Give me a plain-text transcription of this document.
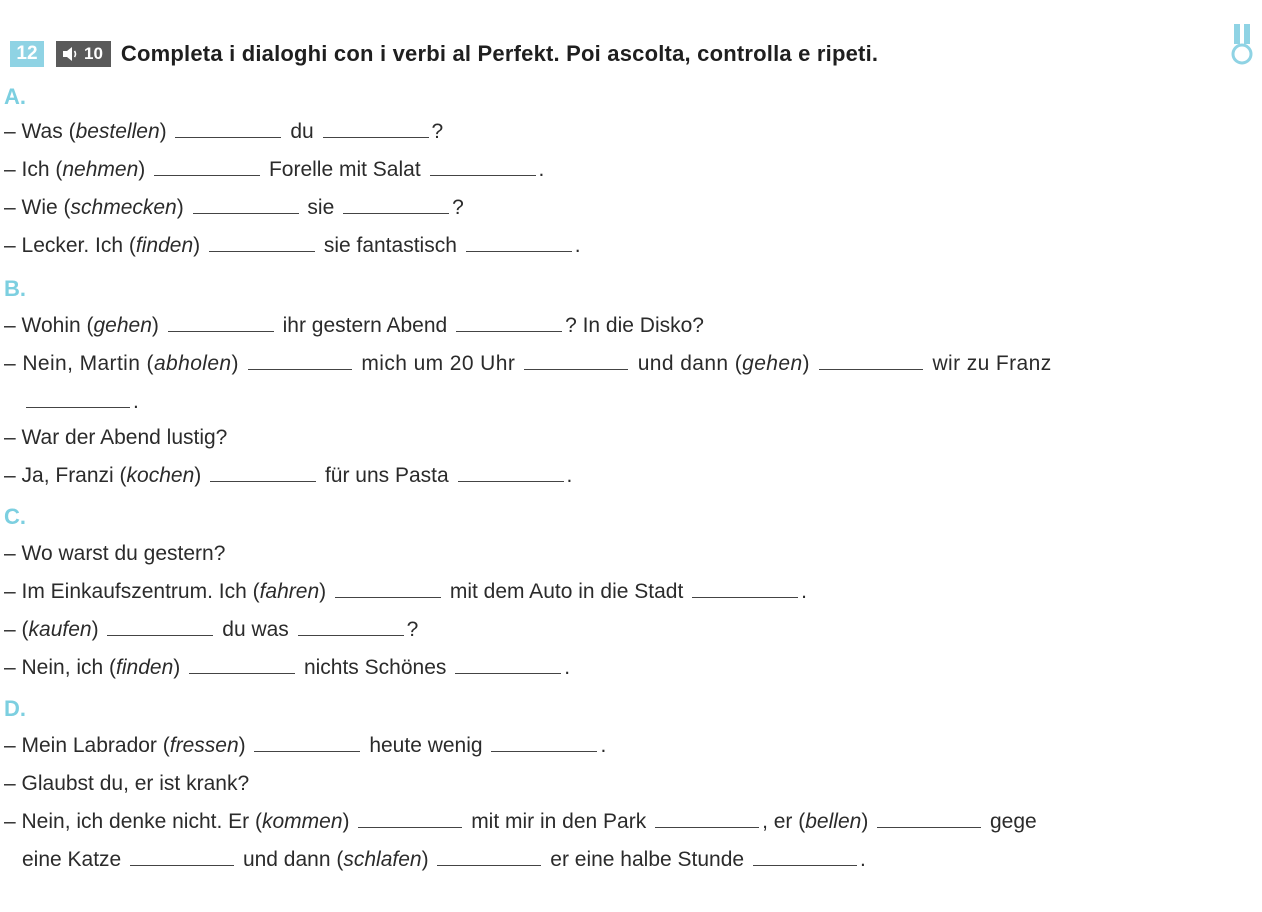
12	10 Completa i dialoghi con i verbi al Perfekt. Poi ascolta, controlla e ripeti.
A.
– Was (bestellen)	du	?
– Ich (nehmen)	Forelle mit Salat	.
– Wie (schmecken)	sie	?
– Lecker. Ich (finden)	sie fantastisch	.
B.
– Wohin (gehen)	ihr gestern Abend	? In die Disko?
– Nein, Martin (abholen)	mich um 20 Uhr	und dann (gehen)	wir zu Franz
.
– War der Abend lustig?
– Ja, Franzi (kochen)	für uns Pasta	.
C.
– Wo warst du gestern?
– Im Einkaufszentrum. Ich (fahren)	mit dem Auto in die Stadt	.
– (kaufen)	du was	?
– Nein, ich (finden)	nichts Schönes	.
D.
– Mein Labrador (fressen)	heute wenig	.
– Glaubst du, er ist krank?
– Nein, ich denke nicht. Er (kommen)	mit mir in den Park	, er (bellen)	gege
eine Katze	und dann (schlafen)	er eine halbe Stunde	.
